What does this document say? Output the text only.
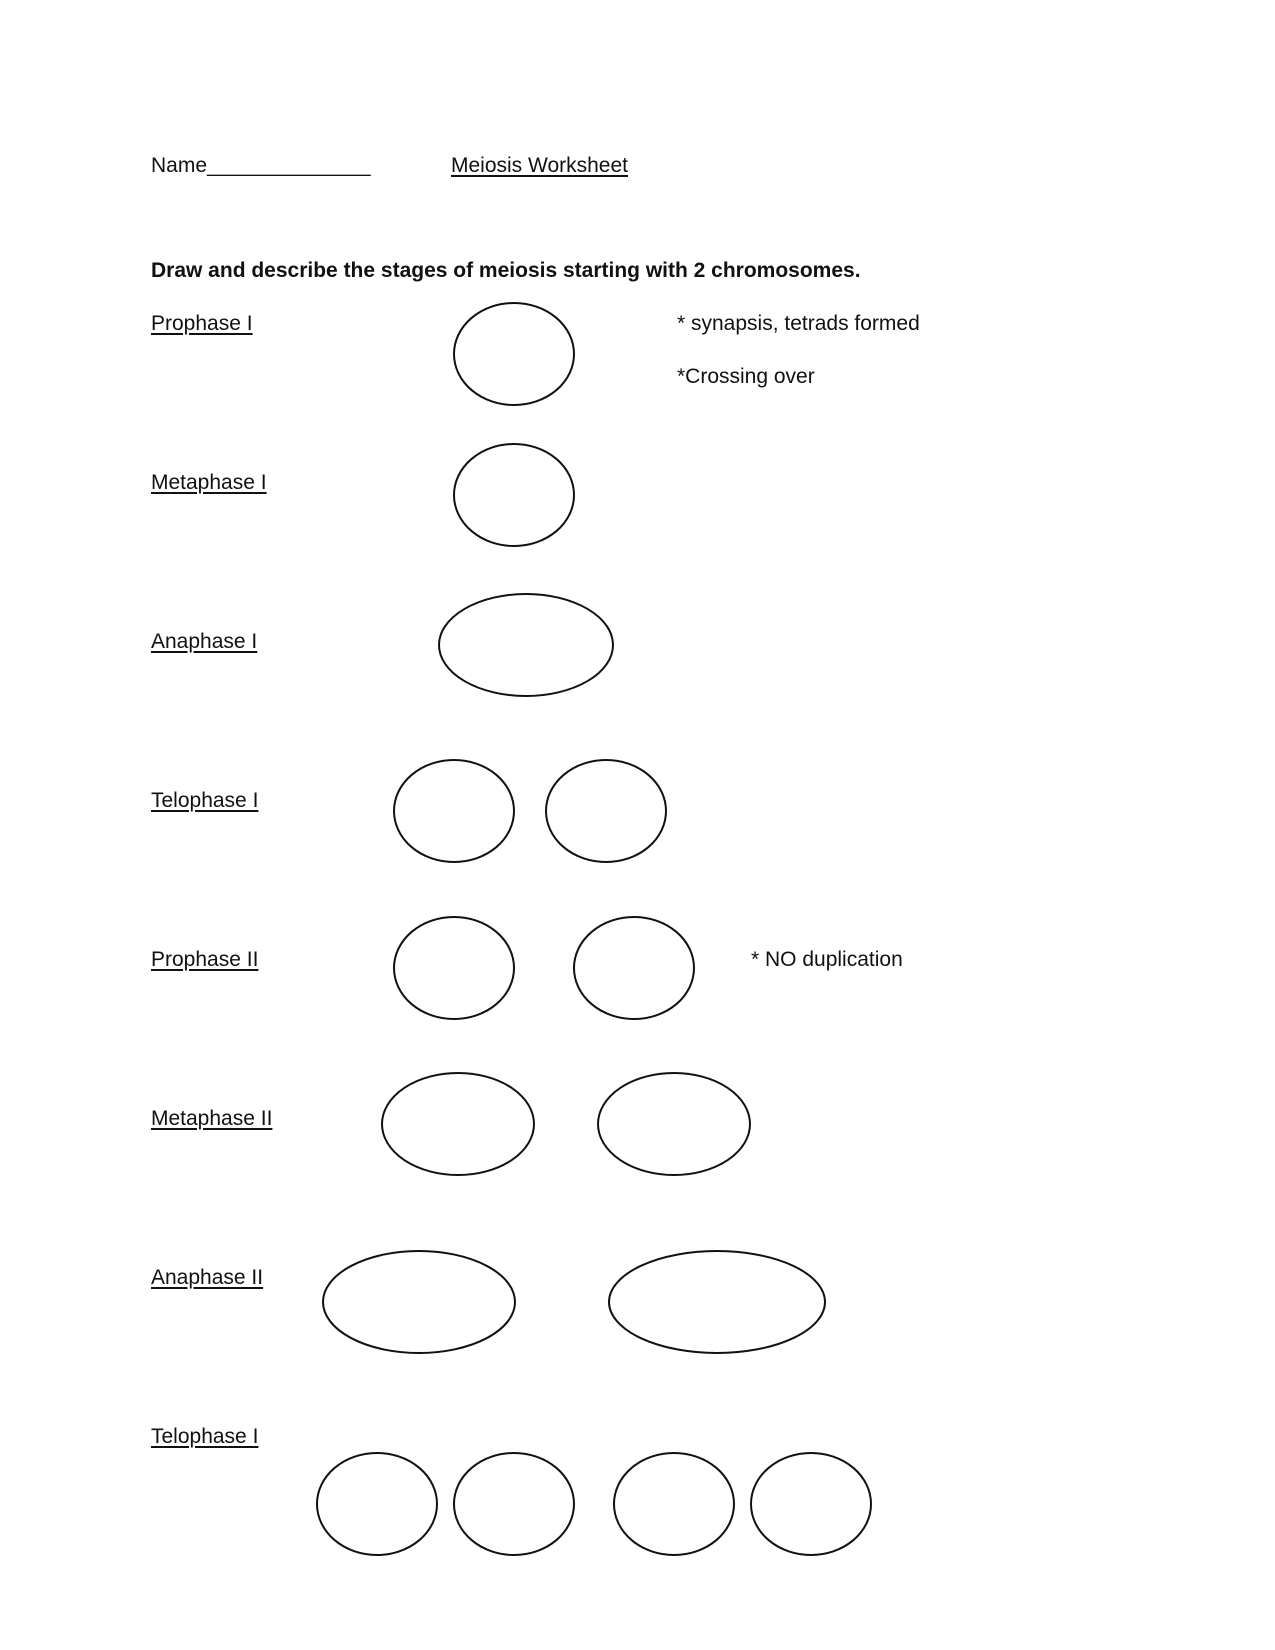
Name______________	Meiosis Worksheet
Draw and describe the stages of meiosis starting with 2 chromosomes.
Prophase I
Metaphase I
Anaphase I
Telophase I
Prophase II
Metaphase II
Anaphase II
Telophase I
* synapsis, tetrads formed
*Crossing over
* NO duplication
